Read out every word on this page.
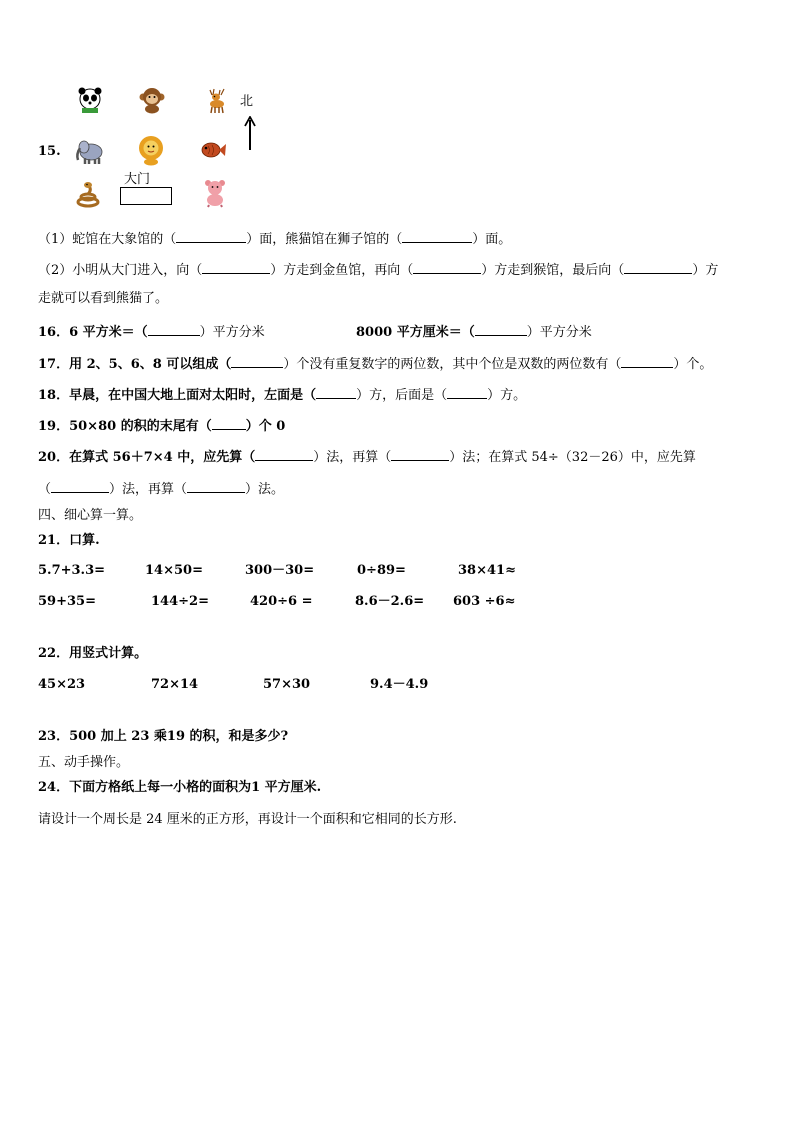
15.
北
大门
（1）蛇馆在大象馆的（	）面，熊猫馆在狮子馆的（	）面。
（2）小明从大门进入，向（	）方走到金鱼馆，再向（	）方走到猴馆，最后向（	）方
走就可以看到熊猫了。
16．6 平方米＝（	）平方分米	8000 平方厘米＝（	）平方分米
17．用 2、5、6、8 可以组成（	）个没有重复数字的两位数，其中个位是双数的两位数有（	）个。
18．早晨，在中国大地上面对太阳时，左面是（	）方，后面是（	）方。
19．50×80 的积的末尾有（	）个 0
20．在算式 56＋7×4 中，应先算（	）法，再算（	）法；在算式 54÷（32－26）中，应先算
（	）法，再算（	）法。
四、细心算一算。
21．口算.
5.7+3.3=	14×50=	300－30=	0÷89=	38×41≈
59+35=	144÷2=	420÷6 =	8.6－2.6= 603 ÷6≈
22．用竖式计算。
45×23	72×14	57×30	9.4－4.9
23．500 加上 23 乘19 的积，和是多少?
五、动手操作。
24．下面方格纸上每一小格的面积为1 平方厘米.
请设计一个周长是 24 厘米的正方形，再设计一个面积和它相同的长方形.
